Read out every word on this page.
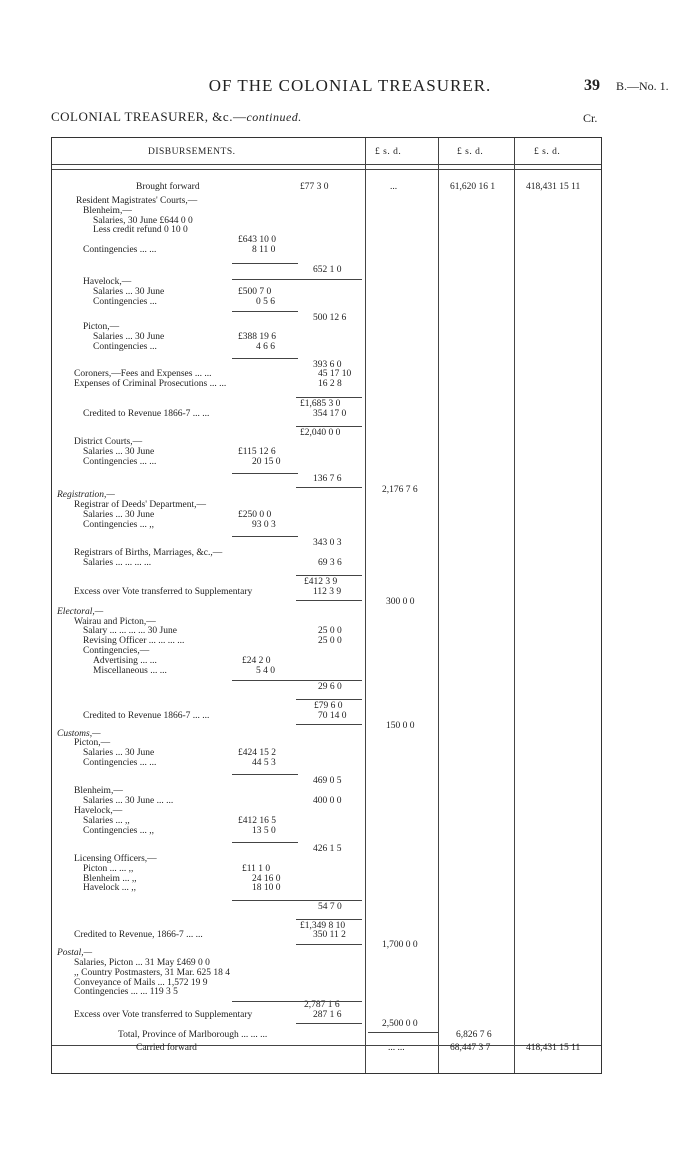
OF THE COLONIAL TREASURER.	39 B.—No. 1.
COLONIAL TREASURER, &c.—continued.	Cr.
DISBURSEMENTS.	£ s. d.	£ s. d.	£ s. d.
Brought forward	£77 3 0	...	61,620 16 1	418,431 15 11
Resident Magistrates' Courts,—
Blenheim,—
Salaries, 30 June £644 0 0
Less credit refund 0 10 0
£643 10 0
Contingencies ... ...	8 11 0
652 1 0
Havelock,—
Salaries ... 30 June	£500 7 0
Contingencies ...	0 5 6
500 12 6
Picton,—
Salaries ... 30 June	£388 19 6
Contingencies ...	4 6 6
393 6 0
Coroners,—Fees and Expenses ... ...	45 17 10
Expenses of Criminal Prosecutions ... ...	16 2 8
£1,685 3 0
Credited to Revenue 1866-7 ... ...	354 17 0
£2,040 0 0
District Courts,—
Salaries ... 30 June	£115 12 6
Contingencies ... ...	20 15 0
136 7 6
2,176 7 6
Registration,—
Registrar of Deeds' Department,—
Salaries ... 30 June	£250 0 0
Contingencies ... ,,	93 0 3
343 0 3
Registrars of Births, Marriages, &c.,—
Salaries ... ... ... ...	69 3 6
£412 3 9
Excess over Vote transferred to Supplementary	112 3 9
300 0 0
Electoral,—
Wairau and Picton,—
Salary ... ... ... ... 30 June	25 0 0
Revising Officer ... ... ... ...	25 0 0
Contingencies,—
Advertising ... ...	£24 2 0
Miscellaneous ... ...	5 4 0
29 6 0
£79 6 0
Credited to Revenue 1866-7 ... ...	70 14 0
150 0 0
Customs,—
Picton,—
Salaries ... 30 June	£424 15 2
Contingencies ... ...	44 5 3
469 0 5
Blenheim,—
Salaries ... 30 June ... ...	400 0 0
Havelock,—
Salaries ... ,,	£412 16 5
Contingencies ... ,,	13 5 0
426 1 5
Licensing Officers,—
Picton ... ... ,,	£11 1 0
Blenheim ... ,,	24 16 0
Havelock ... ,,	18 10 0
54 7 0
£1,349 8 10
Credited to Revenue, 1866-7 ... ...	350 11 2
1,700 0 0
Postal,—
Salaries, Picton ... 31 May £469 0 0
,, Country Postmasters, 31 Mar. 625 18 4
Conveyance of Mails ... 1,572 19 9
Contingencies ... ... 119 3 5
2,787 1 6
Excess over Vote transferred to Supplementary	287 1 6
2,500 0 0
Total, Province of Marlborough ... ... ...	6,826 7 6
Carried forward	... ...	68,447 3 7	418,431 15 11
